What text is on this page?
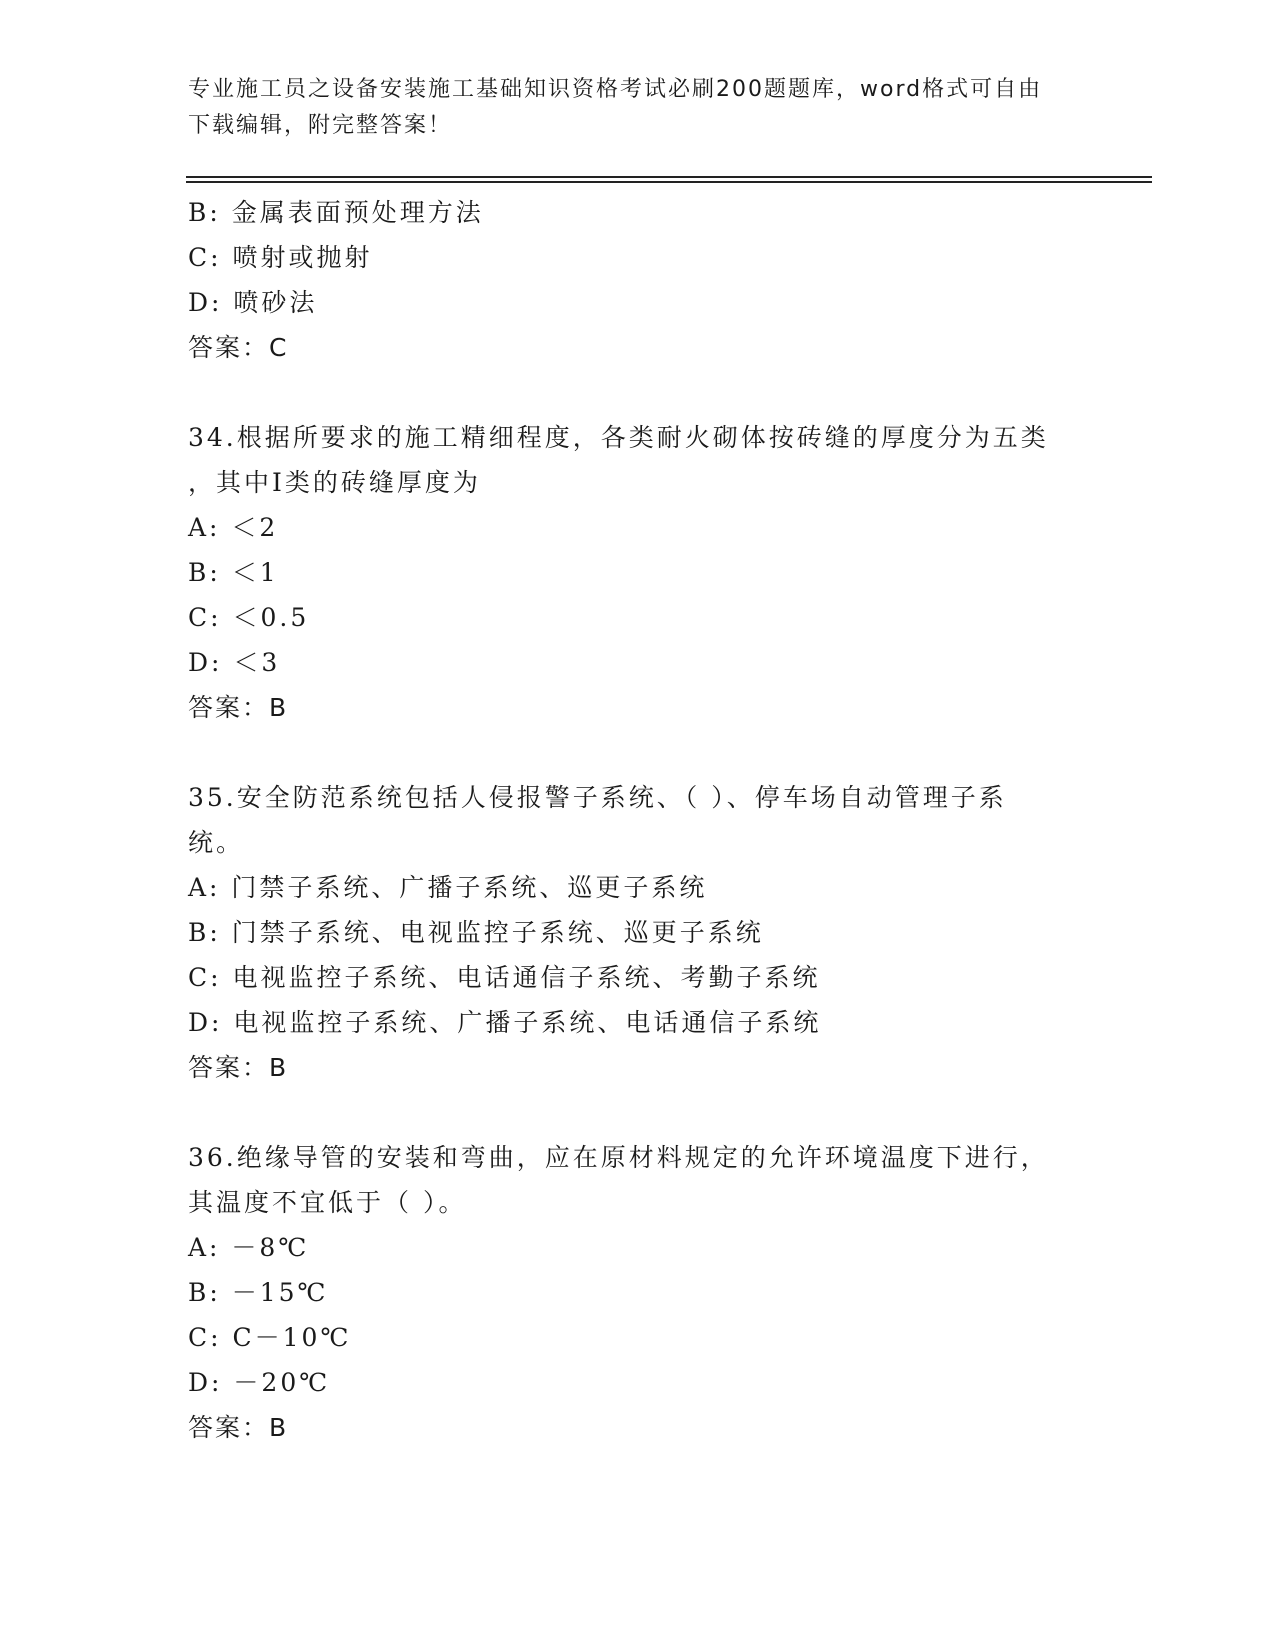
专业施工员之设备安装施工基础知识资格考试必刷200题题库，word格式可自由
下载编辑，附完整答案！
B: 金属表面预处理方法
C: 喷射或抛射
D: 喷砂法
答案：C
34.根据所要求的施工精细程度，各类耐火砌体按砖缝的厚度分为五类
，其中Ⅰ类的砖缝厚度为
A: ＜2
B: ＜1
C: ＜0.5
D: ＜3
答案：B
35.安全防范系统包括人侵报警子系统、（ ）、停车场自动管理子系
统。
A: 门禁子系统、广播子系统、巡更子系统
B: 门禁子系统、电视监控子系统、巡更子系统
C: 电视监控子系统、电话通信子系统、考勤子系统
D: 电视监控子系统、广播子系统、电话通信子系统
答案：B
36.绝缘导管的安装和弯曲，应在原材料规定的允许环境温度下进行，
其温度不宜低于（ ）。
A: －8℃
B: －15℃
C: C－10℃
D: －20℃
答案：B
